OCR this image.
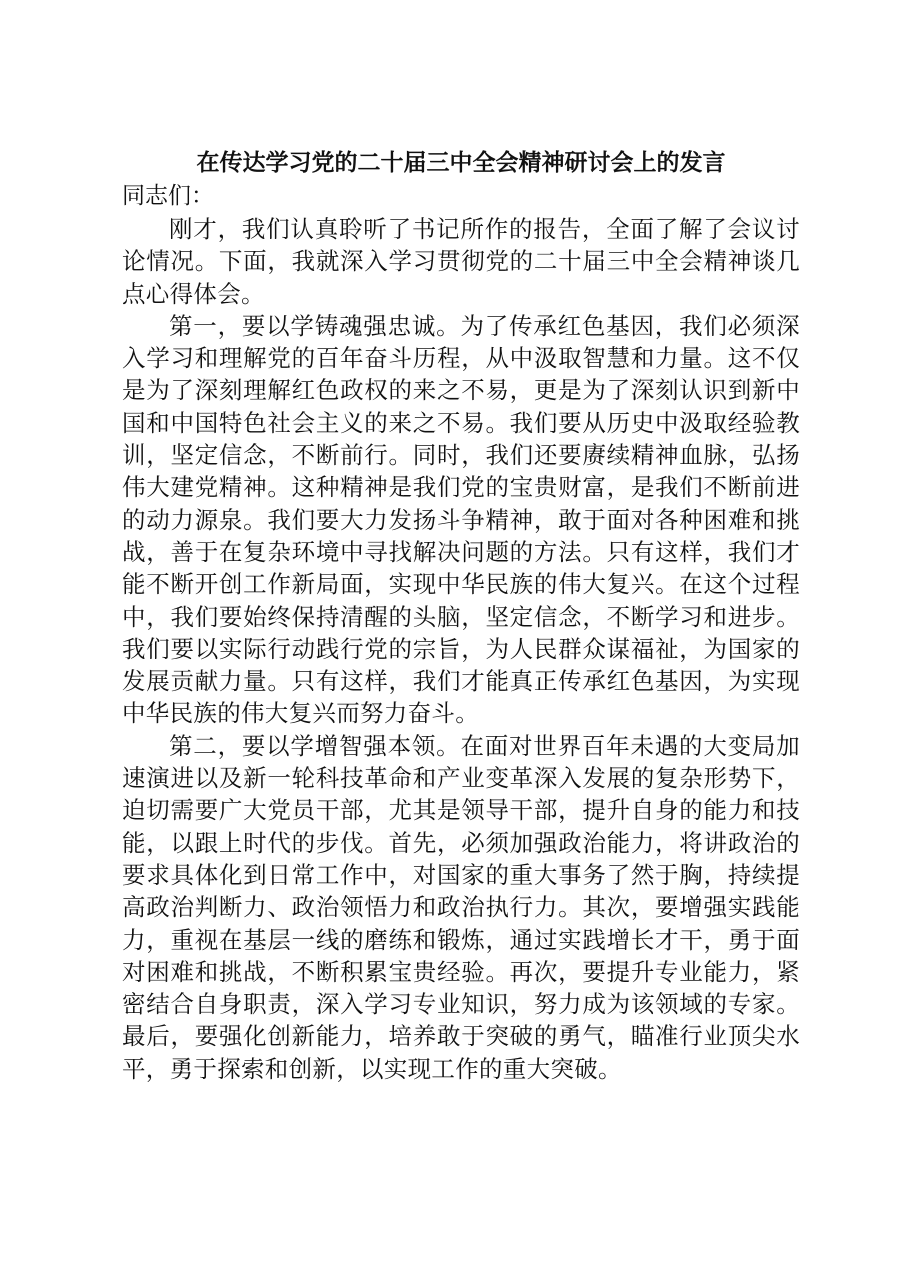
在传达学习党的二十届三中全会精神研讨会上的发言

同志们：

刚才，我们认真聆听了书记所作的报告，全面了解了会议讨论情况。下面，我就深入学习贯彻党的二十届三中全会精神谈几点心得体会。

第一，要以学铸魂强忠诚。为了传承红色基因，我们必须深入学习和理解党的百年奋斗历程，从中汲取智慧和力量。这不仅是为了深刻理解红色政权的来之不易，更是为了深刻认识到新中国和中国特色社会主义的来之不易。我们要从历史中汲取经验教训，坚定信念，不断前行。同时，我们还要赓续精神血脉，弘扬伟大建党精神。这种精神是我们党的宝贵财富，是我们不断前进的动力源泉。我们要大力发扬斗争精神，敢于面对各种困难和挑战，善于在复杂环境中寻找解决问题的方法。只有这样，我们才能不断开创工作新局面，实现中华民族的伟大复兴。在这个过程中，我们要始终保持清醒的头脑，坚定信念，不断学习和进步。我们要以实际行动践行党的宗旨，为人民群众谋福祉，为国家的发展贡献力量。只有这样，我们才能真正传承红色基因，为实现中华民族的伟大复兴而努力奋斗。

第二，要以学增智强本领。在面对世界百年未遇的大变局加速演进以及新一轮科技革命和产业变革深入发展的复杂形势下，迫切需要广大党员干部，尤其是领导干部，提升自身的能力和技能，以跟上时代的步伐。首先，必须加强政治能力，将讲政治的要求具体化到日常工作中，对国家的重大事务了然于胸，持续提高政治判断力、政治领悟力和政治执行力。其次，要增强实践能力，重视在基层一线的磨练和锻炼，通过实践增长才干，勇于面对困难和挑战，不断积累宝贵经验。再次，要提升专业能力，紧密结合自身职责，深入学习专业知识，努力成为该领域的专家。最后，要强化创新能力，培养敢于突破的勇气，瞄准行业顶尖水平，勇于探索和创新，以实现工作的重大突破。
